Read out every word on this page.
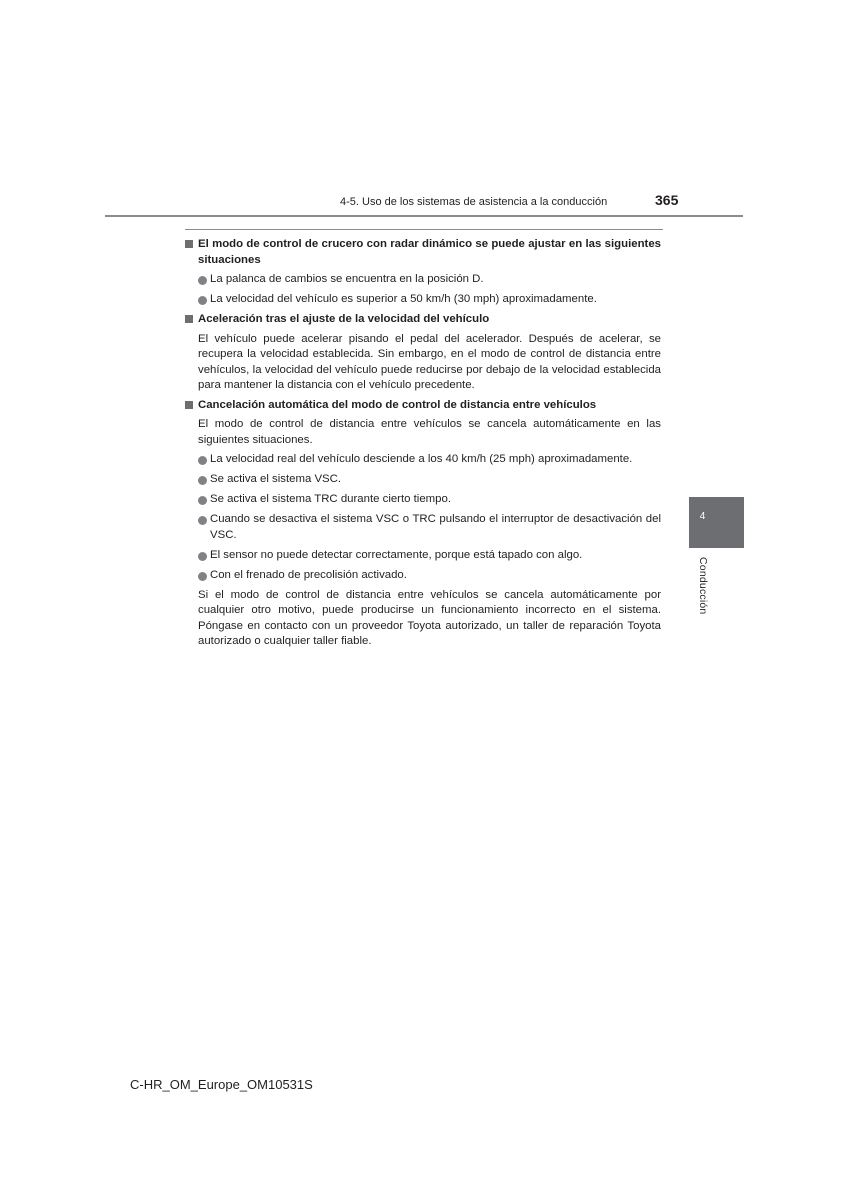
4-5. Uso de los sistemas de asistencia a la conducción	365
El modo de control de crucero con radar dinámico se puede ajustar en las siguientes situaciones
La palanca de cambios se encuentra en la posición D.
La velocidad del vehículo es superior a 50 km/h (30 mph) aproximadamente.
Aceleración tras el ajuste de la velocidad del vehículo
El vehículo puede acelerar pisando el pedal del acelerador. Después de acelerar, se recupera la velocidad establecida. Sin embargo, en el modo de control de distancia entre vehículos, la velocidad del vehículo puede reducirse por debajo de la velocidad establecida para mantener la distancia con el vehículo precedente.
Cancelación automática del modo de control de distancia entre vehículos
El modo de control de distancia entre vehículos se cancela automáticamente en las siguientes situaciones.
La velocidad real del vehículo desciende a los 40 km/h (25 mph) aproximadamente.
Se activa el sistema VSC.
Se activa el sistema TRC durante cierto tiempo.
Cuando se desactiva el sistema VSC o TRC pulsando el interruptor de desactivación del VSC.
El sensor no puede detectar correctamente, porque está tapado con algo.
Con el frenado de precolisión activado.
Si el modo de control de distancia entre vehículos se cancela automáticamente por cualquier otro motivo, puede producirse un funcionamiento incorrecto en el sistema. Póngase en contacto con un proveedor Toyota autorizado, un taller de reparación Toyota autorizado o cualquier taller fiable.
4
Conducción
C-HR_OM_Europe_OM10531S
